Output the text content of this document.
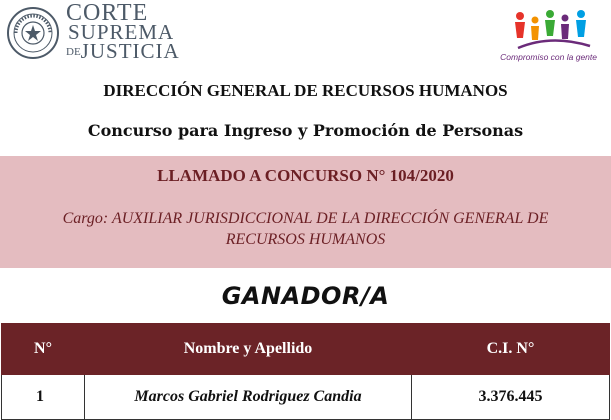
CORTE
SUPREMA
DEJUSTICIA	Compromiso con la gente
DIRECCIÓN GENERAL DE RECURSOS HUMANOS
Concurso para Ingreso y Promoción de Personas
LLAMADO A CONCURSO N° 104/2020
Cargo: AUXILIAR JURISDICCIONAL DE LA DIRECCIÓN GENERAL DE RECURSOS HUMANOS
GANADOR/A
N°	Nombre y Apellido	C.I. N°
1	Marcos Gabriel Rodriguez Candia	3.376.445
